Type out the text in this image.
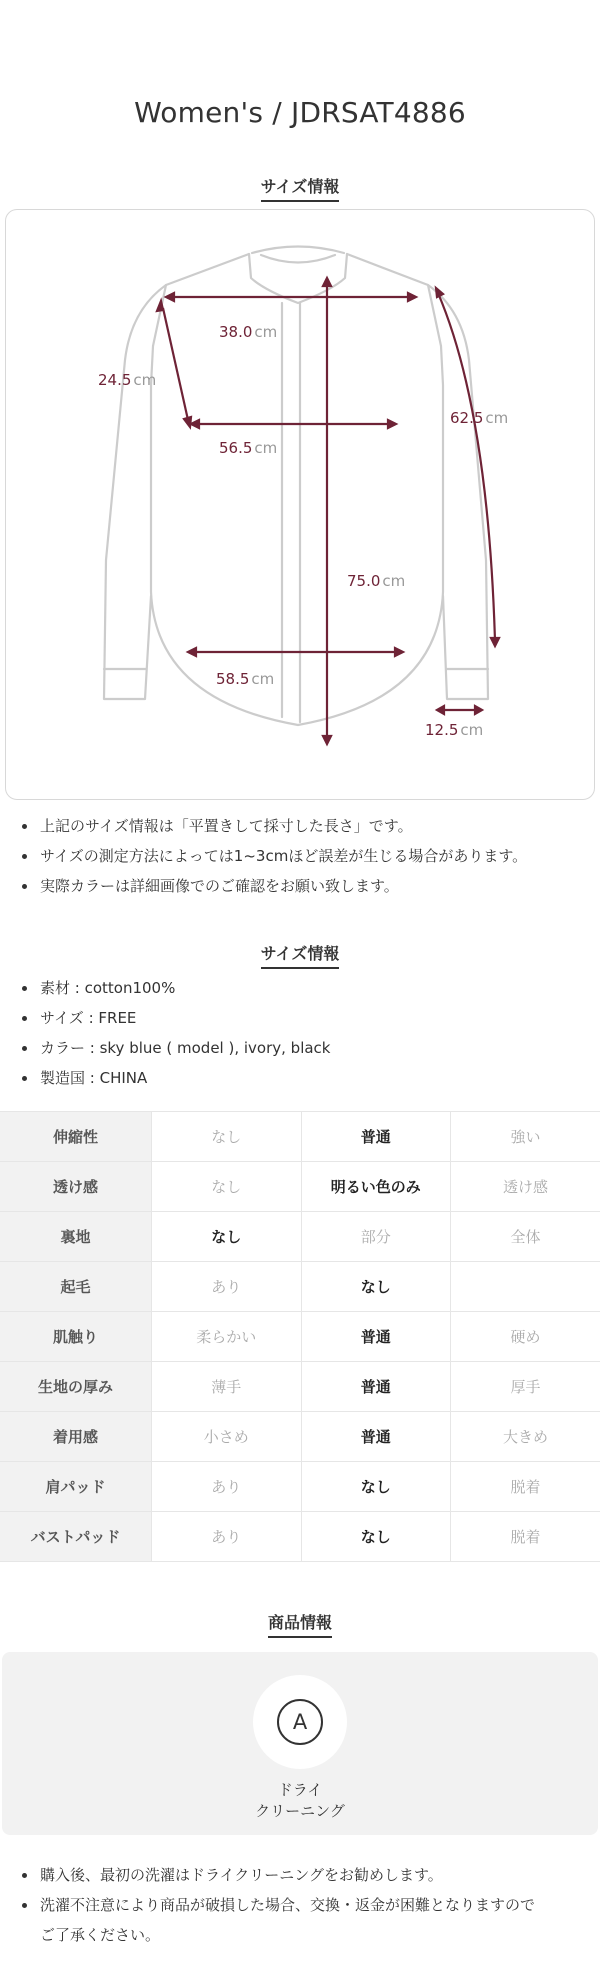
Women's / JDRSAT4886
サイズ情報
38.0 cm
24.5 cm
62.5 cm
56.5 cm
75.0 cm
58.5 cm
12.5 cm
上記のサイズ情報は「平置きして採寸した長さ」です。
サイズの測定方法によっては1~3cmほど誤差が生じる場合があります。
実際カラーは詳細画像でのご確認をお願い致します。
サイズ情報
素材 : cotton100%
サイズ : FREE
カラー : sky blue ( model ), ivory, black
製造国 : CHINA
伸縮性	なし	普通	強い
透け感	なし	明るい色のみ	透け感
裏地	なし	部分	全体
起毛	あり	なし	
肌触り	柔らかい	普通	硬め
生地の厚み	薄手	普通	厚手
着用感	小さめ	普通	大きめ
肩パッド	あり	なし	脱着
バストパッド	あり	なし	脱着
商品情報
A
ドライ
クリーニング
購入後、最初の洗濯はドライクリーニングをお勧めします。
洗濯不注意により商品が破損した場合、交換・返金が困難となりますので
ご了承ください。
